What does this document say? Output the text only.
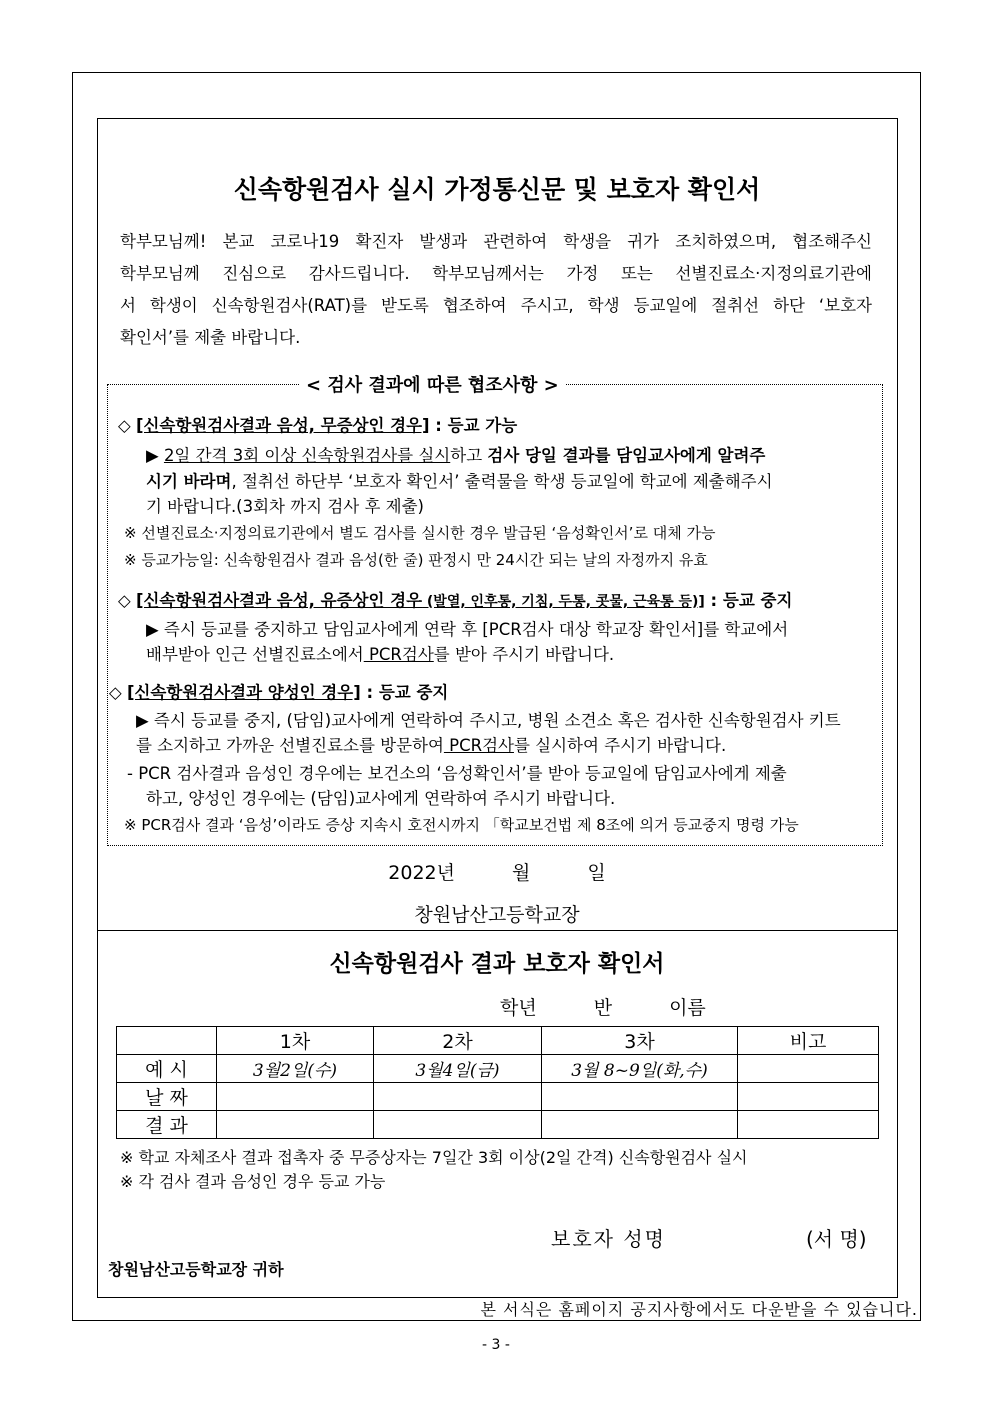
신속항원검사 실시 가정통신문 및 보호자 확인서
학부모님께! 본교 코로나19 확진자 발생과 관련하여 학생을 귀가 조치하였으며, 협조해주신
학부모님께 진심으로 감사드립니다. 학부모님께서는 가정 또는 선별진료소·지정의료기관에
서 학생이 신속항원검사(RAT)를 받도록 협조하여 주시고, 학생 등교일에 절취선 하단 ‘보호자
확인서’를 제출 바랍니다.
< 검사 결과에 따른 협조사항 >
◇ [신속항원검사결과 음성, 무증상인 경우] : 등교 가능
▶ 2일 간격 3회 이상 신속항원검사를 실시하고 검사 당일 결과를 담임교사에게 알려주
시기 바라며, 절취선 하단부 ‘보호자 확인서’ 출력물을 학생 등교일에 학교에 제출해주시
기 바랍니다.(3회차 까지 검사 후 제출)
※ 선별진료소·지정의료기관에서 별도 검사를 실시한 경우 발급된 ‘음성확인서’로 대체 가능
※ 등교가능일: 신속항원검사 결과 음성(한 줄) 판정시 만 24시간 되는 날의 자정까지 유효
◇ [신속항원검사결과 음성, 유증상인 경우 (발열, 인후통, 기침, 두통, 콧물, 근육통 등)] : 등교 중지
▶ 즉시 등교를 중지하고 담임교사에게 연락 후 [PCR검사 대상 학교장 확인서]를 학교에서
배부받아 인근 선별진료소에서 PCR검사를 받아 주시기 바랍니다.
◇ [신속항원검사결과 양성인 경우] : 등교 중지
▶ 즉시 등교를 중지, (담임)교사에게 연락하여 주시고, 병원 소견소 혹은 검사한 신속항원검사 키트
를 소지하고 가까운 선별진료소를 방문하여 PCR검사를 실시하여 주시기 바랍니다.
- PCR 검사결과 음성인 경우에는 보건소의 ‘음성확인서’를 받아 등교일에 담임교사에게 제출
하고, 양성인 경우에는 (담임)교사에게 연락하여 주시기 바랍니다.
※ PCR검사 결과 ‘음성’이라도 증상 지속시 호전시까지 「학교보건법 제 8조에 의거 등교중지 명령 가능
2022년　　　월　　　일
창원남산고등학교장
신속항원검사 결과 보호자 확인서
학년　　　반　　　이름
	1차	2차	3차	비고
예 시	3월2일(수)	3월4일(금)	3월 8~9일(화,수)	
날 짜				
결 과				
※ 학교 자체조사 결과 접촉자 중 무증상자는 7일간 3회 이상(2일 간격) 신속항원검사 실시
※ 각 검사 결과 음성인 경우 등교 가능
보호자 성명	(서 명)
창원남산고등학교장 귀하
본 서식은 홈페이지 공지사항에서도 다운받을 수 있습니다.
- 3 -
